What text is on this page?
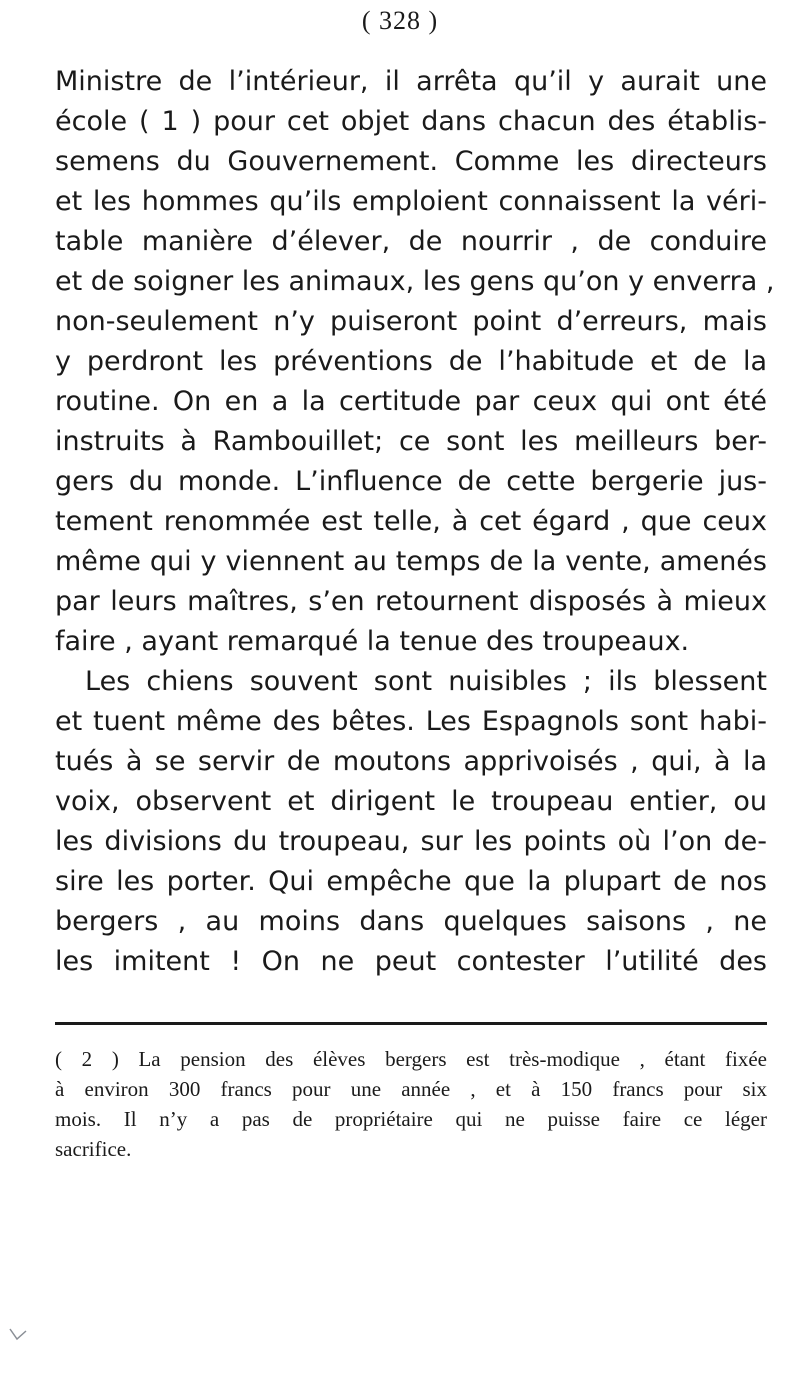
( 328 )
Ministre de l’intérieur, il arrêta qu’il y aurait une
école ( 1 ) pour cet objet dans chacun des établis-
semens du Gouvernement. Comme les directeurs
et les hommes qu’ils emploient connaissent la véri-
table manière d’élever, de nourrir , de conduire
et de soigner les animaux, les gens qu’on y enverra ,
non-seulement n’y puiseront point d’erreurs, mais
y perdront les préventions de l’habitude et de la
routine. On en a la certitude par ceux qui ont été
instruits à Rambouillet; ce sont les meilleurs ber-
gers du monde. L’influence de cette bergerie jus-
tement renommée est telle, à cet égard , que ceux
même qui y viennent au temps de la vente, amenés
par leurs maîtres, s’en retournent disposés à mieux
faire , ayant remarqué la tenue des troupeaux.
Les chiens souvent sont nuisibles ; ils blessent
et tuent même des bêtes. Les Espagnols sont habi-
tués à se servir de moutons apprivoisés , qui, à la
voix, observent et dirigent le troupeau entier, ou
les divisions du troupeau, sur les points où l’on de-
sire les porter. Qui empêche que la plupart de nos
bergers , au moins dans quelques saisons , ne
les imitent ! On ne peut contester l’utilité des
( 2 ) La pension des élèves bergers est très-modique , étant fixée
à environ 300 francs pour une année , et à 150 francs pour six
mois. Il n’y a pas de propriétaire qui ne puisse faire ce léger
sacrifice.
